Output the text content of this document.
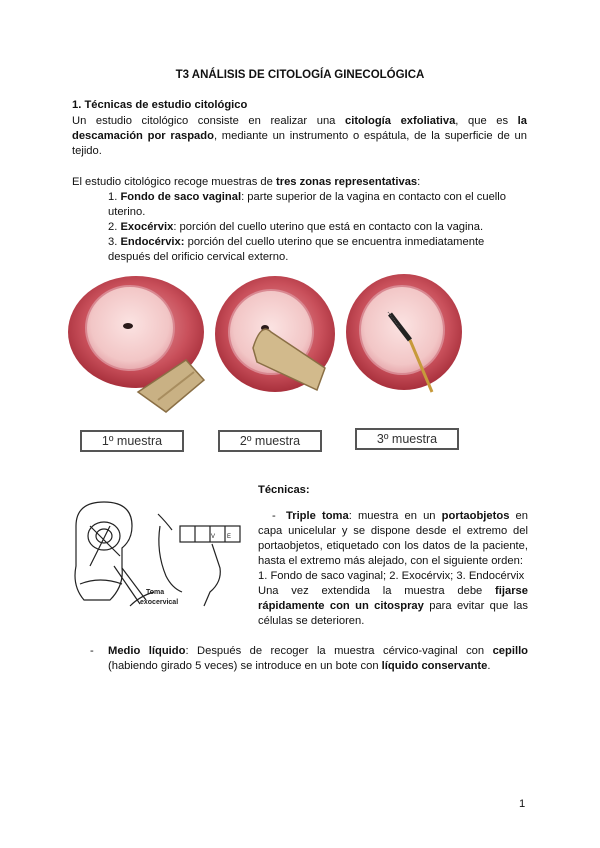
T3 ANÁLISIS DE CITOLOGÍA GINECOLÓGICA
1. Técnicas de estudio citológico
Un estudio citológico consiste en realizar una citología exfoliativa, que es la descamación por raspado, mediante un instrumento o espátula, de la superficie de un tejido.
El estudio citológico recoge muestras de tres zonas representativas:
1. Fondo de saco vaginal: parte superior de la vagina en contacto con el cuello uterino.
2. Exocérvix: porción del cuello uterino que está en contacto con la vagina.
3. Endocérvix: porción del cuello uterino que se encuentra inmediatamente después del orificio cervical externo.
1º muestra	2º muestra	3º muestra
V E
Toma
exocervical
Técnicas:
- Triple toma: muestra en un portaobjetos en capa unicelular y se dispone desde el extremo del portaobjetos, etiquetado con los datos de la paciente, hasta el extremo más alejado, con el siguiente orden:
1. Fondo de saco vaginal; 2. Exocérvix; 3. Endocérvix
Una vez extendida la muestra debe fijarse rápidamente con un citospray para evitar que las células se deterioren.
- Medio líquido: Después de recoger la muestra cérvico-vaginal con cepillo (habiendo girado 5 veces) se introduce en un bote con líquido conservante.
1
